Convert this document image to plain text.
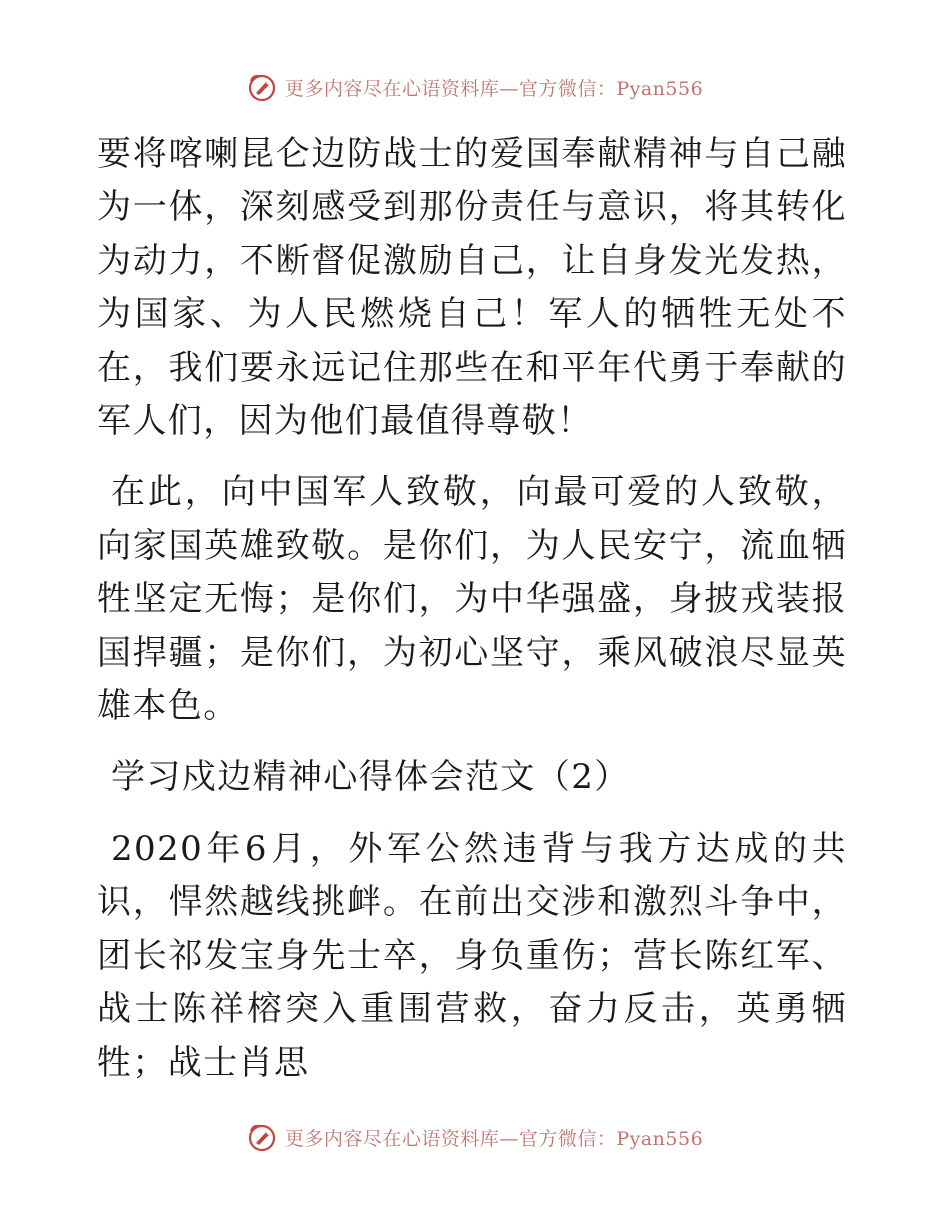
更多内容尽在心语资料库—官方微信：Pyan556

要将喀喇昆仑边防战士的爱国奉献精神与自己融为一体，深刻感受到那份责任与意识，将其转化为动力，不断督促激励自己，让自身发光发热，为国家、为人民燃烧自己！军人的牺牲无处不在，我们要永远记住那些在和平年代勇于奉献的军人们，因为他们最值得尊敬！

在此，向中国军人致敬，向最可爱的人致敬，向家国英雄致敬。是你们，为人民安宁，流血牺牲坚定无悔；是你们，为中华强盛，身披戎装报国捍疆；是你们，为初心坚守，乘风破浪尽显英雄本色。

学习戍边精神心得体会范文（2）

2020年6月，外军公然违背与我方达成的共识，悍然越线挑衅。在前出交涉和激烈斗争中，团长祁发宝身先士卒，身负重伤；营长陈红军、战士陈祥榕突入重围营救，奋力反击，英勇牺牲；战士肖思

更多内容尽在心语资料库—官方微信：Pyan556
